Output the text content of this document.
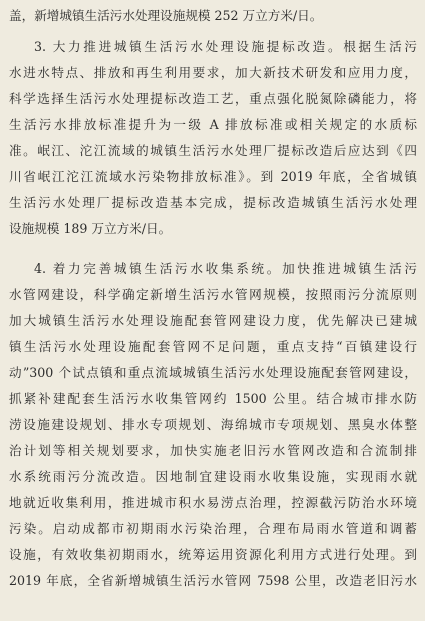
盖，新增城镇生活污水处理设施规模 252 万立方米/日。
3. 大力推进城镇生活污水处理设施提标改造。根据生活污
水进水特点、排放和再生利用要求，加大新技术研发和应用力度，
科学选择生活污水处理提标改造工艺，重点强化脱氮除磷能力，将
生活污水排放标准提升为一级 A 排放标准或相关规定的水质标
准。岷江、沱江流域的城镇生活污水处理厂提标改造后应达到《四
川省岷江沱江流域水污染物排放标准》。到 2019 年底，全省城镇
生活污水处理厂提标改造基本完成，提标改造城镇生活污水处理
设施规模 189 万立方米/日。
4. 着力完善城镇生活污水收集系统。加快推进城镇生活污
水管网建设，科学确定新增生活污水管网规模，按照雨污分流原则
加大城镇生活污水处理设施配套管网建设力度，优先解决已建城
镇生活污水处理设施配套管网不足问题，重点支持“百镇建设行
动”300 个试点镇和重点流域城镇生活污水处理设施配套管网建设，
抓紧补建配套生活污水收集管网约 1500 公里。结合城市排水防
涝设施建设规划、排水专项规划、海绵城市专项规划、黑臭水体整
治计划等相关规划要求，加快实施老旧污水管网改造和合流制排
水系统雨污分流改造。因地制宜建设雨水收集设施，实现雨水就
地就近收集利用，推进城市积水易涝点治理，控源截污防治水环境
污染。启动成都市初期雨水污染治理，合理布局雨水管道和调蓄
设施，有效收集初期雨水，统筹运用资源化利用方式进行处理。到
2019 年底，全省新增城镇生活污水管网 7598 公里，改造老旧污水
